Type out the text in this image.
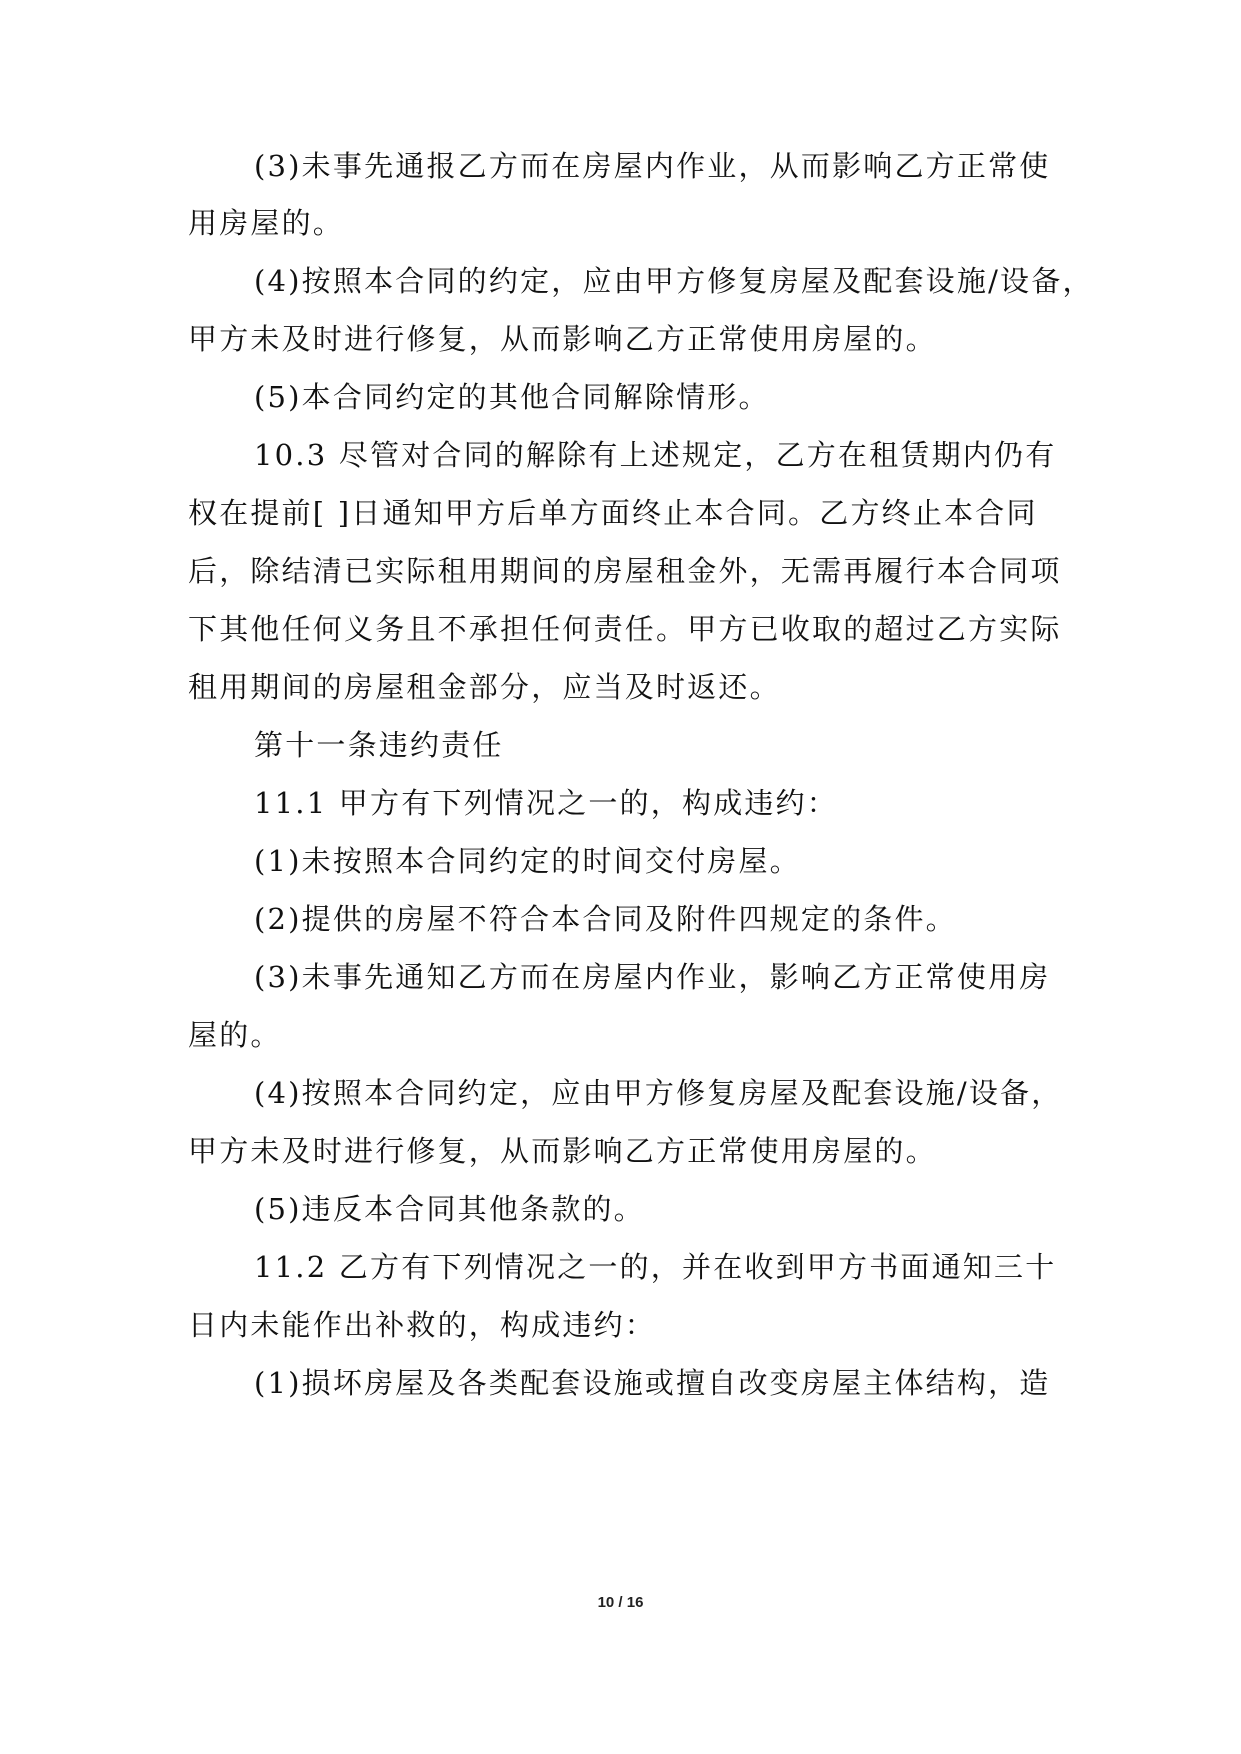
(3)未事先通报乙方而在房屋内作业，从而影响乙方正常使
用房屋的。
(4)按照本合同的约定，应由甲方修复房屋及配套设施/设备，
甲方未及时进行修复，从而影响乙方正常使用房屋的。
(5)本合同约定的其他合同解除情形。
10.3 尽管对合同的解除有上述规定，乙方在租赁期内仍有
权在提前[ ]日通知甲方后单方面终止本合同。乙方终止本合同
后，除结清已实际租用期间的房屋租金外，无需再履行本合同项
下其他任何义务且不承担任何责任。甲方已收取的超过乙方实际
租用期间的房屋租金部分，应当及时返还。
第十一条违约责任
11.1 甲方有下列情况之一的，构成违约：
(1)未按照本合同约定的时间交付房屋。
(2)提供的房屋不符合本合同及附件四规定的条件。
(3)未事先通知乙方而在房屋内作业，影响乙方正常使用房
屋的。
(4)按照本合同约定，应由甲方修复房屋及配套设施/设备，
甲方未及时进行修复，从而影响乙方正常使用房屋的。
(5)违反本合同其他条款的。
11.2 乙方有下列情况之一的，并在收到甲方书面通知三十
日内未能作出补救的，构成违约：
(1)损坏房屋及各类配套设施或擅自改变房屋主体结构，造
10 / 16
